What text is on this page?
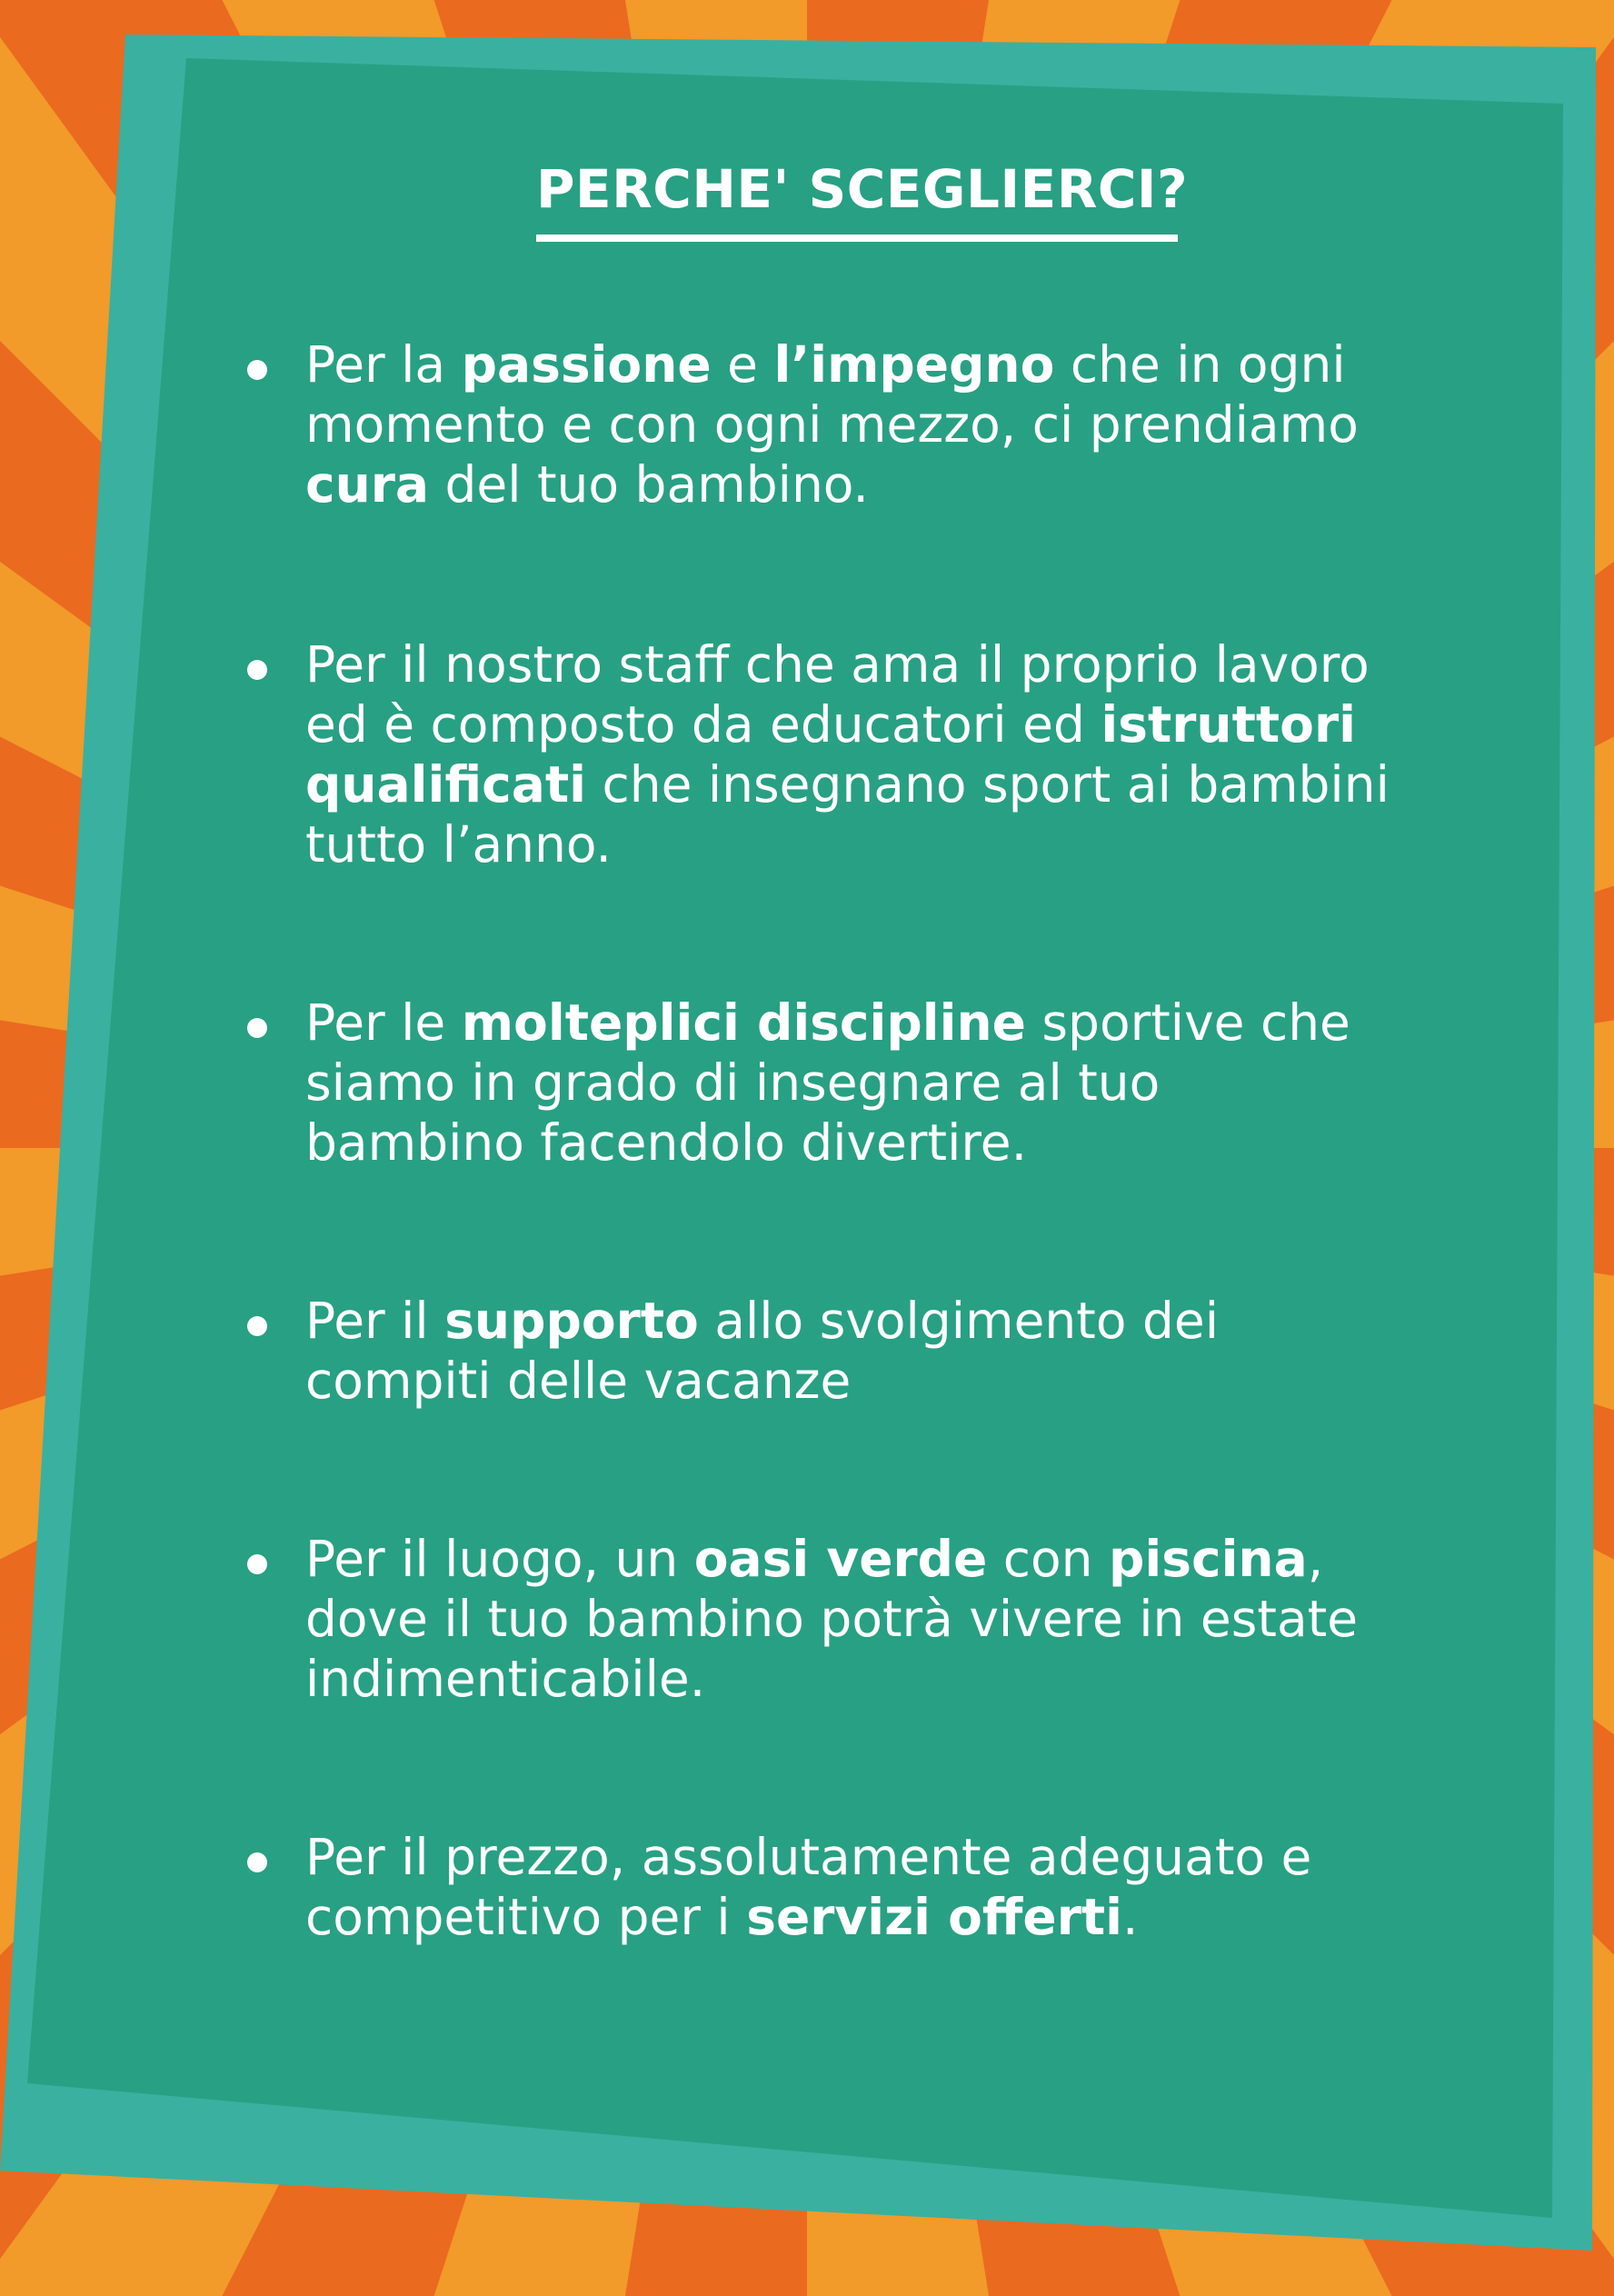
PERCHE' SCEGLIERCI?
Per la passione e l’impegno che in ogni
momento e con ogni mezzo, ci prendiamo
cura del tuo bambino.
Per il nostro staff che ama il proprio lavoro
ed è composto da educatori ed istruttori
qualificati che insegnano sport ai bambini
tutto l’anno.
Per le molteplici discipline sportive che
siamo in grado di insegnare al tuo
bambino facendolo divertire.
Per il supporto allo svolgimento dei
compiti delle vacanze
Per il luogo, un oasi verde con piscina,
dove il tuo bambino potrà vivere in estate
indimenticabile.
Per il prezzo, assolutamente adeguato e
competitivo per i servizi offerti.
